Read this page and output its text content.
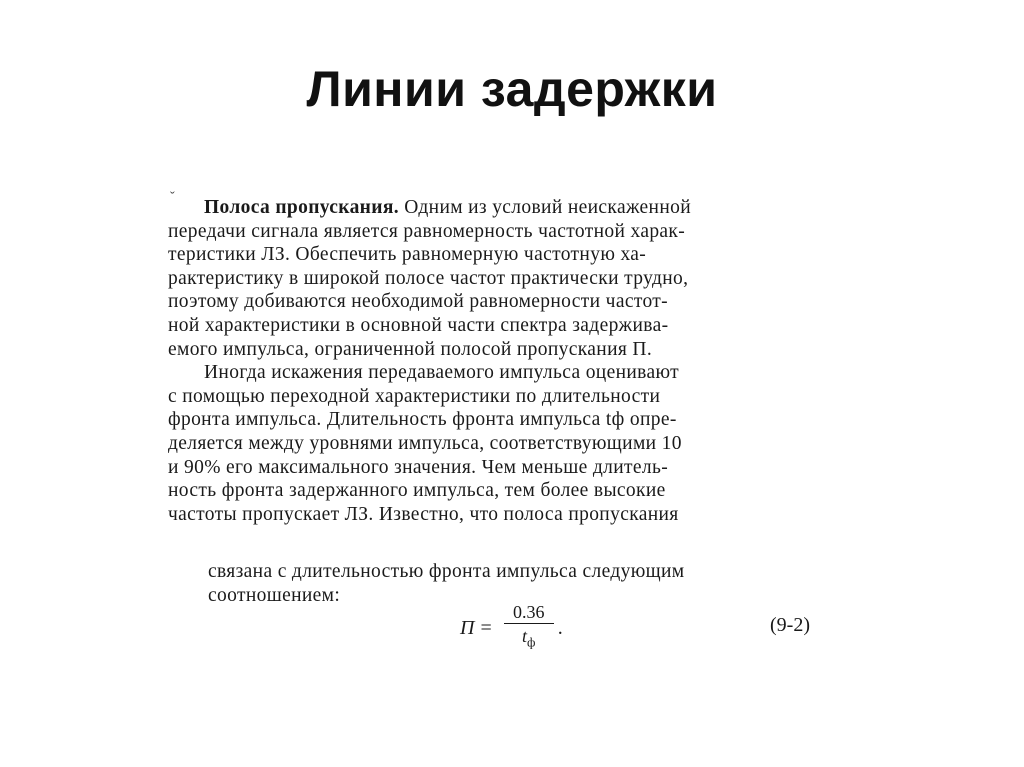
Линии задержки
ˇ	Полоса пропускания. Одним из условий неискаженной
передачи сигнала является равномерность частотной харак-
теристики ЛЗ. Обеспечить равномерную частотную ха-
рактеристику в широкой полосе частот практически трудно,
поэтому добиваются необходимой равномерности частот-
ной характеристики в основной части спектра задержива-
емого импульса, ограниченной полосой пропускания П.
Иногда искажения передаваемого импульса оценивают
с помощью переходной характеристики по длительности
фронта импульса. Длительность фронта импульса tф опре-
деляется между уровнями импульса, соответствующими 10
и 90% его максимального значения. Чем меньше длитель-
ность фронта задержанного импульса, тем более высокие
частоты пропускает ЛЗ. Известно, что полоса пропускания
связана с длительностью фронта импульса следующим
соотношением:
$П = \frac{0.36}{t_ф}$ .	(9-2)
